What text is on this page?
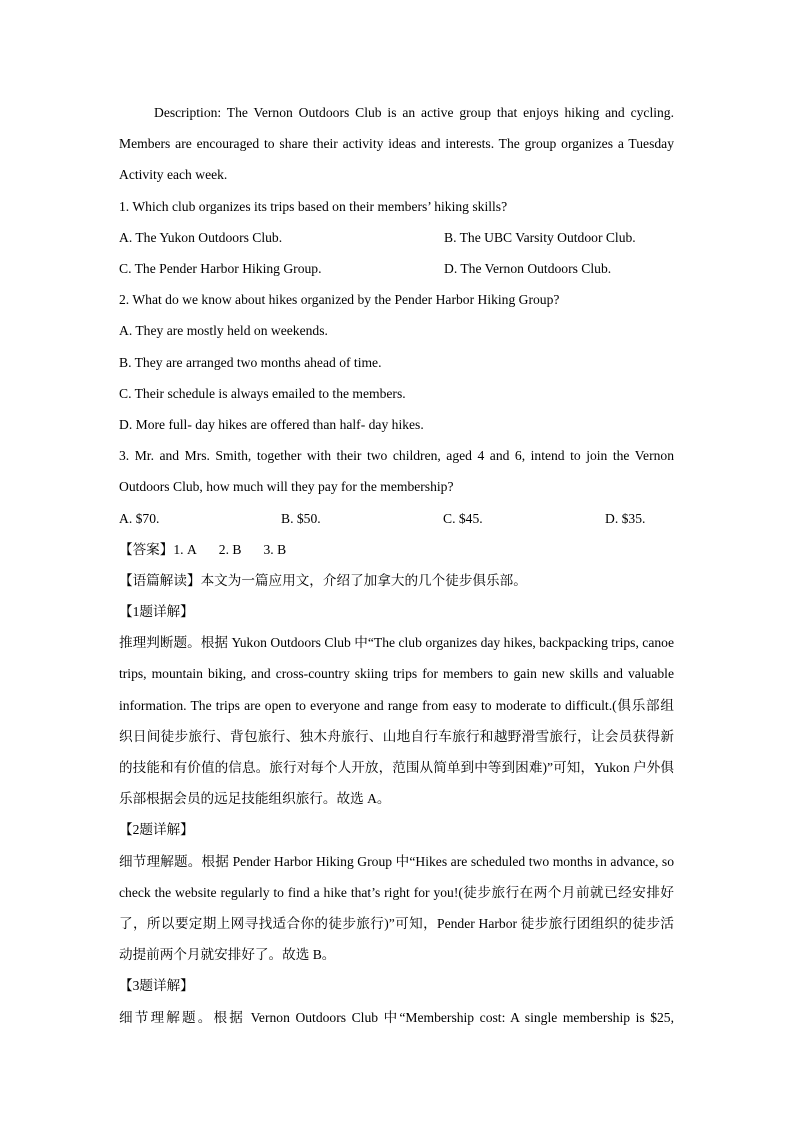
Description: The Vernon Outdoors Club is an active group that enjoys hiking and cycling. Members are encouraged to share their activity ideas and interests. The group organizes a Tuesday Activity each week.
1. Which club organizes its trips based on their members’ hiking skills?
A. The Yukon Outdoors Club.	B. The UBC Varsity Outdoor Club.
C. The Pender Harbor Hiking Group.	D. The Vernon Outdoors Club.
2. What do we know about hikes organized by the Pender Harbor Hiking Group?
A. They are mostly held on weekends.
B. They are arranged two months ahead of time.
C. Their schedule is always emailed to the members.
D. More full- day hikes are offered than half- day hikes.
3. Mr. and Mrs. Smith, together with their two children, aged 4 and 6, intend to join the Vernon Outdoors Club, how much will they pay for the membership?
A. $70.	B. $50.	C. $45.	D. $35.
【答案】1. A 2. B 3. B
【语篇解读】本文为一篇应用文，介绍了加拿大的几个徒步俱乐部。
【1题详解】
推理判断题。根据 Yukon Outdoors Club 中“The club organizes day hikes, backpacking trips, canoe trips, mountain biking, and cross-country skiing trips for members to gain new skills and valuable information. The trips are open to everyone and range from easy to moderate to difficult.(俱乐部组织日间徒步旅行、背包旅行、独木舟旅行、山地自行车旅行和越野滑雪旅行，让会员获得新的技能和有价值的信息。旅行对每个人开放，范围从简单到中等到困难)”可知，Yukon 户外俱乐部根据会员的远足技能组织旅行。故选 A。
【2题详解】
细节理解题。根据 Pender Harbor Hiking Group 中“Hikes are scheduled two months in advance, so check the website regularly to find a hike that’s right for you!(徒步旅行在两个月前就已经安排好了，所以要定期上网寻找适合你的徒步旅行)”可知，Pender Harbor 徒步旅行团组织的徒步活动提前两个月就安排好了。故选 B。
【3题详解】
细节理解题。根据 Vernon Outdoors Club 中“Membership cost: A single membership is $25,
